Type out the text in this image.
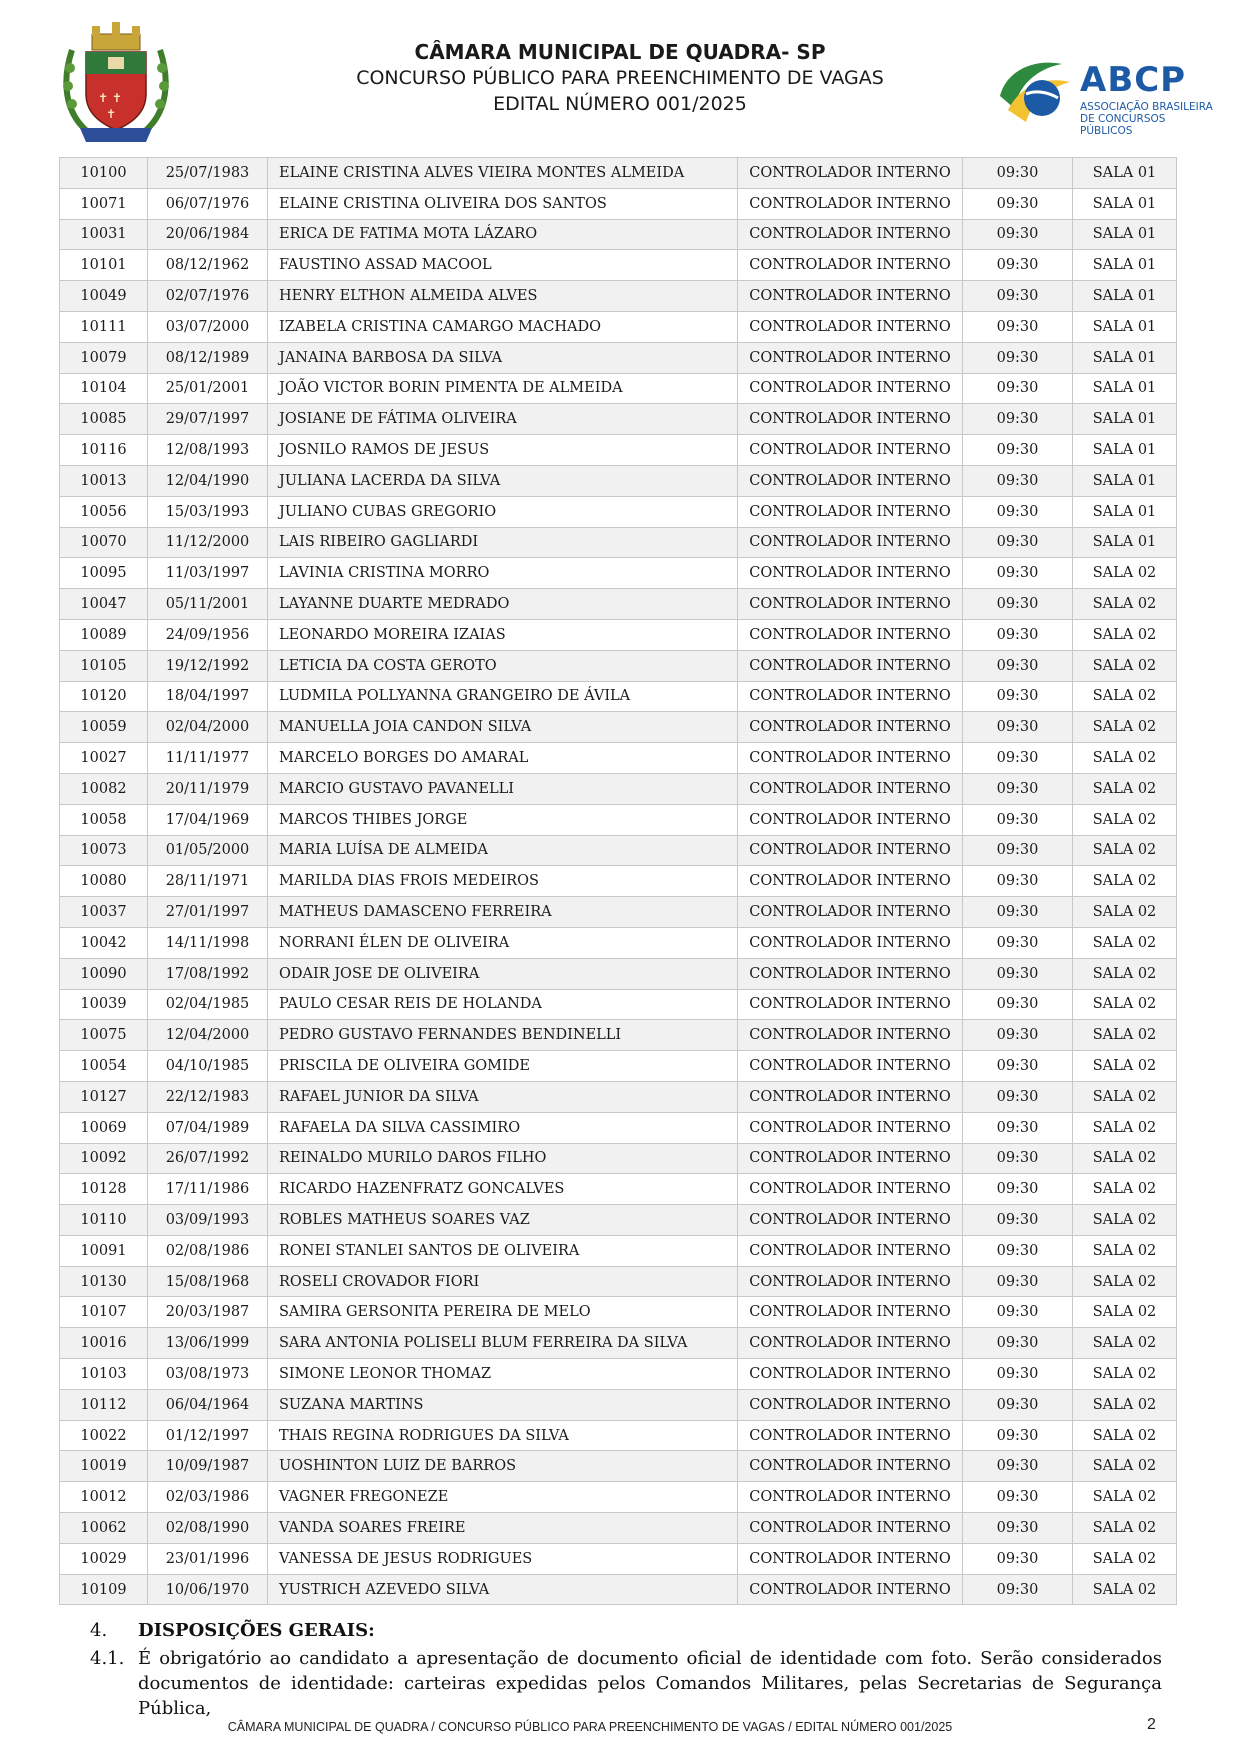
✝ ✝
✝
CÂMARA MUNICIPAL DE QUADRA- SP
CONCURSO PÚBLICO PARA PREENCHIMENTO DE VAGAS
EDITAL NÚMERO 001/2025
ABCP
ASSOCIAÇÃO BRASILEIRA
DE CONCURSOS PÚBLICOS
10100	25/07/1983	ELAINE CRISTINA ALVES VIEIRA MONTES ALMEIDA	CONTROLADOR INTERNO	09:30	SALA 01
10071	06/07/1976	ELAINE CRISTINA OLIVEIRA DOS SANTOS	CONTROLADOR INTERNO	09:30	SALA 01
10031	20/06/1984	ERICA DE FATIMA MOTA LÁZARO	CONTROLADOR INTERNO	09:30	SALA 01
10101	08/12/1962	FAUSTINO ASSAD MACOOL	CONTROLADOR INTERNO	09:30	SALA 01
10049	02/07/1976	HENRY ELTHON ALMEIDA ALVES	CONTROLADOR INTERNO	09:30	SALA 01
10111	03/07/2000	IZABELA CRISTINA CAMARGO MACHADO	CONTROLADOR INTERNO	09:30	SALA 01
10079	08/12/1989	JANAINA BARBOSA DA SILVA	CONTROLADOR INTERNO	09:30	SALA 01
10104	25/01/2001	JOÃO VICTOR BORIN PIMENTA DE ALMEIDA	CONTROLADOR INTERNO	09:30	SALA 01
10085	29/07/1997	JOSIANE DE FÁTIMA OLIVEIRA	CONTROLADOR INTERNO	09:30	SALA 01
10116	12/08/1993	JOSNILO RAMOS DE JESUS	CONTROLADOR INTERNO	09:30	SALA 01
10013	12/04/1990	JULIANA LACERDA DA SILVA	CONTROLADOR INTERNO	09:30	SALA 01
10056	15/03/1993	JULIANO CUBAS GREGORIO	CONTROLADOR INTERNO	09:30	SALA 01
10070	11/12/2000	LAIS RIBEIRO GAGLIARDI	CONTROLADOR INTERNO	09:30	SALA 01
10095	11/03/1997	LAVINIA CRISTINA MORRO	CONTROLADOR INTERNO	09:30	SALA 02
10047	05/11/2001	LAYANNE DUARTE MEDRADO	CONTROLADOR INTERNO	09:30	SALA 02
10089	24/09/1956	LEONARDO MOREIRA IZAIAS	CONTROLADOR INTERNO	09:30	SALA 02
10105	19/12/1992	LETICIA DA COSTA GEROTO	CONTROLADOR INTERNO	09:30	SALA 02
10120	18/04/1997	LUDMILA POLLYANNA GRANGEIRO DE ÁVILA	CONTROLADOR INTERNO	09:30	SALA 02
10059	02/04/2000	MANUELLA JOIA CANDON SILVA	CONTROLADOR INTERNO	09:30	SALA 02
10027	11/11/1977	MARCELO BORGES DO AMARAL	CONTROLADOR INTERNO	09:30	SALA 02
10082	20/11/1979	MARCIO GUSTAVO PAVANELLI	CONTROLADOR INTERNO	09:30	SALA 02
10058	17/04/1969	MARCOS THIBES JORGE	CONTROLADOR INTERNO	09:30	SALA 02
10073	01/05/2000	MARIA LUÍSA DE ALMEIDA	CONTROLADOR INTERNO	09:30	SALA 02
10080	28/11/1971	MARILDA DIAS FROIS MEDEIROS	CONTROLADOR INTERNO	09:30	SALA 02
10037	27/01/1997	MATHEUS DAMASCENO FERREIRA	CONTROLADOR INTERNO	09:30	SALA 02
10042	14/11/1998	NORRANI ÉLEN DE OLIVEIRA	CONTROLADOR INTERNO	09:30	SALA 02
10090	17/08/1992	ODAIR JOSE DE OLIVEIRA	CONTROLADOR INTERNO	09:30	SALA 02
10039	02/04/1985	PAULO CESAR REIS DE HOLANDA	CONTROLADOR INTERNO	09:30	SALA 02
10075	12/04/2000	PEDRO GUSTAVO FERNANDES BENDINELLI	CONTROLADOR INTERNO	09:30	SALA 02
10054	04/10/1985	PRISCILA DE OLIVEIRA GOMIDE	CONTROLADOR INTERNO	09:30	SALA 02
10127	22/12/1983	RAFAEL JUNIOR DA SILVA	CONTROLADOR INTERNO	09:30	SALA 02
10069	07/04/1989	RAFAELA DA SILVA CASSIMIRO	CONTROLADOR INTERNO	09:30	SALA 02
10092	26/07/1992	REINALDO MURILO DAROS FILHO	CONTROLADOR INTERNO	09:30	SALA 02
10128	17/11/1986	RICARDO HAZENFRATZ GONCALVES	CONTROLADOR INTERNO	09:30	SALA 02
10110	03/09/1993	ROBLES MATHEUS SOARES VAZ	CONTROLADOR INTERNO	09:30	SALA 02
10091	02/08/1986	RONEI STANLEI SANTOS DE OLIVEIRA	CONTROLADOR INTERNO	09:30	SALA 02
10130	15/08/1968	ROSELI CROVADOR FIORI	CONTROLADOR INTERNO	09:30	SALA 02
10107	20/03/1987	SAMIRA GERSONITA PEREIRA DE MELO	CONTROLADOR INTERNO	09:30	SALA 02
10016	13/06/1999	SARA ANTONIA POLISELI BLUM FERREIRA DA SILVA	CONTROLADOR INTERNO	09:30	SALA 02
10103	03/08/1973	SIMONE LEONOR THOMAZ	CONTROLADOR INTERNO	09:30	SALA 02
10112	06/04/1964	SUZANA MARTINS	CONTROLADOR INTERNO	09:30	SALA 02
10022	01/12/1997	THAIS REGINA RODRIGUES DA SILVA	CONTROLADOR INTERNO	09:30	SALA 02
10019	10/09/1987	UOSHINTON LUIZ DE BARROS	CONTROLADOR INTERNO	09:30	SALA 02
10012	02/03/1986	VAGNER FREGONEZE	CONTROLADOR INTERNO	09:30	SALA 02
10062	02/08/1990	VANDA SOARES FREIRE	CONTROLADOR INTERNO	09:30	SALA 02
10029	23/01/1996	VANESSA DE JESUS RODRIGUES	CONTROLADOR INTERNO	09:30	SALA 02
10109	10/06/1970	YUSTRICH AZEVEDO SILVA	CONTROLADOR INTERNO	09:30	SALA 02
4. DISPOSIÇÕES GERAIS:
4.1. É obrigatório ao candidato a apresentação de documento oficial de identidade com foto. Serão considerados
documentos de identidade: carteiras expedidas pelos Comandos Militares, pelas Secretarias de Segurança Pública,
CÂMARA MUNICIPAL DE QUADRA / CONCURSO PÚBLICO PARA PREENCHIMENTO DE VAGAS / EDITAL NÚMERO 001/2025	2
